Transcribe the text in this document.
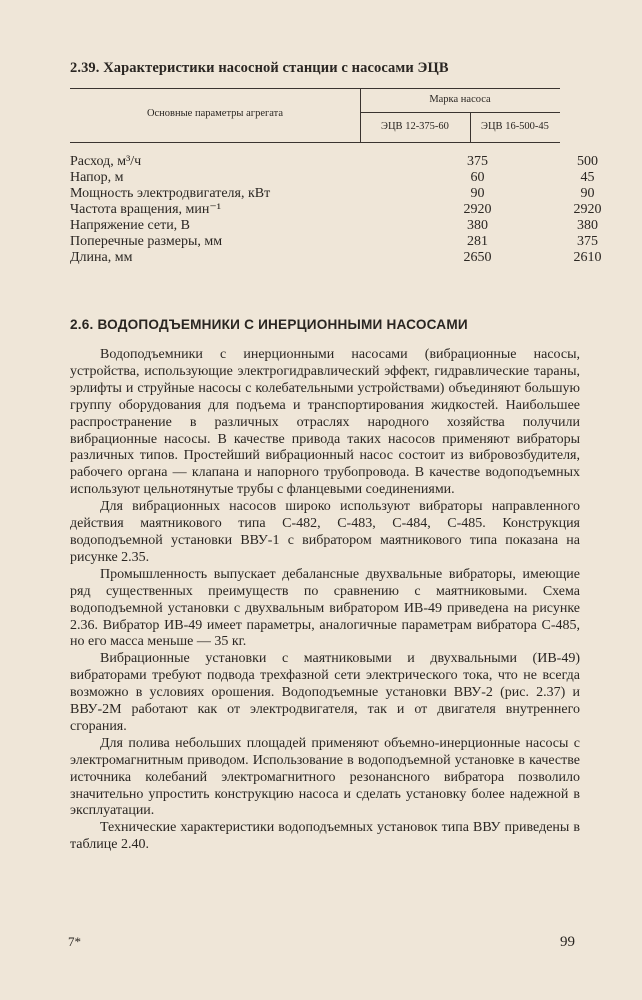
2.39. Характеристики насосной станции с насосами ЭЦВ
Основные параметры агрегата
Марка насоса
ЭЦВ 12-375-60	ЭЦВ 16-500-45
Расход, м³/ч	375	500
Напор, м	60	45
Мощность электродвигателя, кВт	90	90
Частота вращения, мин⁻¹	2920	2920
Напряжение сети, В	380	380
Поперечные размеры, мм	281	375
Длина, мм	2650	2610
2.6. ВОДОПОДЪЕМНИКИ С ИНЕРЦИОННЫМИ НАСОСАМИ

Водоподъемники с инерционными насосами (вибрационные насосы, устройства, использующие электрогидравлический эффект, гидравлические тараны, эрлифты и струйные насосы с колебательными устройствами) объединяют большую группу оборудования для подъема и транспортирования жидкостей. Наибольшее распространение в различных отраслях народного хозяйства получили вибрационные насосы. В качестве привода таких насосов применяют вибраторы различных типов. Простейший вибрационный насос состоит из вибровозбудителя, рабочего органа — клапана и напорного трубопровода. В качестве водоподъемных используют цельнотянутые трубы с фланцевыми соединениями.

Для вибрационных насосов широко используют вибраторы направленного действия маятникового типа С-482, С-483, С-484, С-485. Конструкция водоподъемной установки ВВУ-1 с вибратором маятникового типа показана на рисунке 2.35.

Промышленность выпускает дебалансные двухвальные вибраторы, имеющие ряд существенных преимуществ по сравнению с маятниковыми. Схема водоподъемной установки с двухвальным вибратором ИВ-49 приведена на рисунке 2.36. Вибратор ИВ-49 имеет параметры, аналогичные параметрам вибратора С-485, но его масса меньше — 35 кг.

Вибрационные установки с маятниковыми и двухвальными (ИВ-49) вибраторами требуют подвода трехфазной сети электрического тока, что не всегда возможно в условиях орошения. Водоподъемные установки ВВУ-2 (рис. 2.37) и ВВУ-2М работают как от электродвигателя, так и от двигателя внутреннего сгорания.

Для полива небольших площадей применяют объемно-инерционные насосы с электромагнитным приводом. Использование в водоподъемной установке в качестве источника колебаний электромагнитного резонансного вибратора позволило значительно упростить конструкцию насоса и сделать установку более надежной в эксплуатации.

Технические характеристики водоподъемных установок типа ВВУ приведены в таблице 2.40.

7*	99
